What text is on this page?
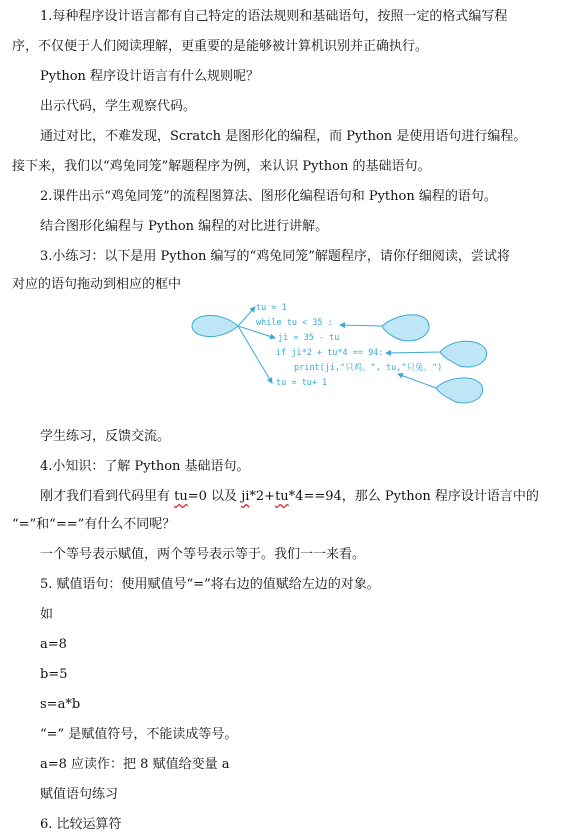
1.每种程序设计语言都有自己特定的语法规则和基础语句，按照一定的格式编写程
序，不仅便于人们阅读理解，更重要的是能够被计算机识别并正确执行。
Python 程序设计语言有什么规则呢？
出示代码，学生观察代码。
通过对比，不难发现，Scratch 是图形化的编程，而 Python 是使用语句进行编程。
接下来，我们以“鸡兔同笼”解题程序为例，来认识 Python 的基础语句。
2.课件出示“鸡兔同笼”的流程图算法、图形化编程语句和 Python 编程的语句。
结合图形化编程与 Python 编程的对比进行讲解。
3.小练习：以下是用 Python 编写的“鸡兔同笼”解题程序，请你仔细阅读，尝试将
对应的语句拖动到相应的框中
tu = 1
while tu < 35 :
ji = 35 - tu
if ji*2 + tu*4 == 94:
print(ji,"只鸡。", tu,"只兔。")
tu = tu+ 1
学生练习，反馈交流。
4.小知识：了解 Python 基础语句。
刚才我们看到代码里有 tu=0 以及 ji*2+tu*4==94，那么 Python 程序设计语言中的
“=”和“==”有什么不同呢？
一个等号表示赋值，两个等号表示等于。我们一一来看。
5. 赋值语句：使用赋值号“=”将右边的值赋给左边的对象。
如
a=8
b=5
s=a*b
“=” 是赋值符号，不能读成等号。
a=8 应读作：把 8 赋值给变量 a
赋值语句练习
6. 比较运算符
